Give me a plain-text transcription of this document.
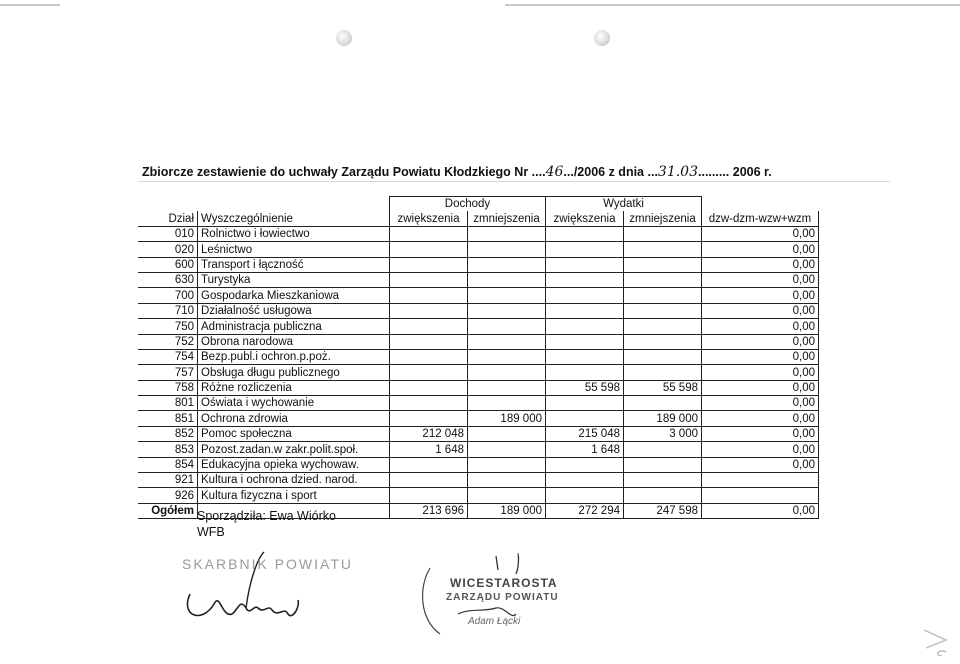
Zbiorcze zestawienie do uchwały Zarządu Powiatu Kłodzkiego Nr ....46.../2006 z dnia ...31.03......... 2006 r.
		Dochody		Wydatki		
Dział	Wyszczególnienie	zwiększenia	zmniejszenia	zwiększenia	zmniejszenia	dzw-dzm-wzw+wzm
010	Rolnictwo i łowiectwo					0,00
020	Leśnictwo					0,00
600	Transport i łączność					0,00
630	Turystyka					0,00
700	Gospodarka Mieszkaniowa					0,00
710	Działalność usługowa					0,00
750	Administracja publiczna					0,00
752	Obrona narodowa					0,00
754	Bezp.publ.i ochron.p.poż.					0,00
757	Obsługa długu publicznego					0,00
758	Różne rozliczenia			55 598	55 598	0,00
801	Oświata i wychowanie					0,00
851	Ochrona zdrowia		189 000		189 000	0,00
852	Pomoc społeczna	212 048		215 048	3 000	0,00
853	Pozost.zadan.w zakr.polit.społ.	1 648		1 648		0,00
854	Edukacyjna opieka wychowaw.					0,00
921	Kultura i ochrona dzied. narod.					
926	Kultura fizyczna i sport					
Ogółem		213 696	189 000	272 294	247 598	0,00
Sporządziła: Ewa Wiórko
WFB
SKARBNIK POWIATU
WICESTAROSTA
ZARZĄDU POWIATU
Adam Łącki
